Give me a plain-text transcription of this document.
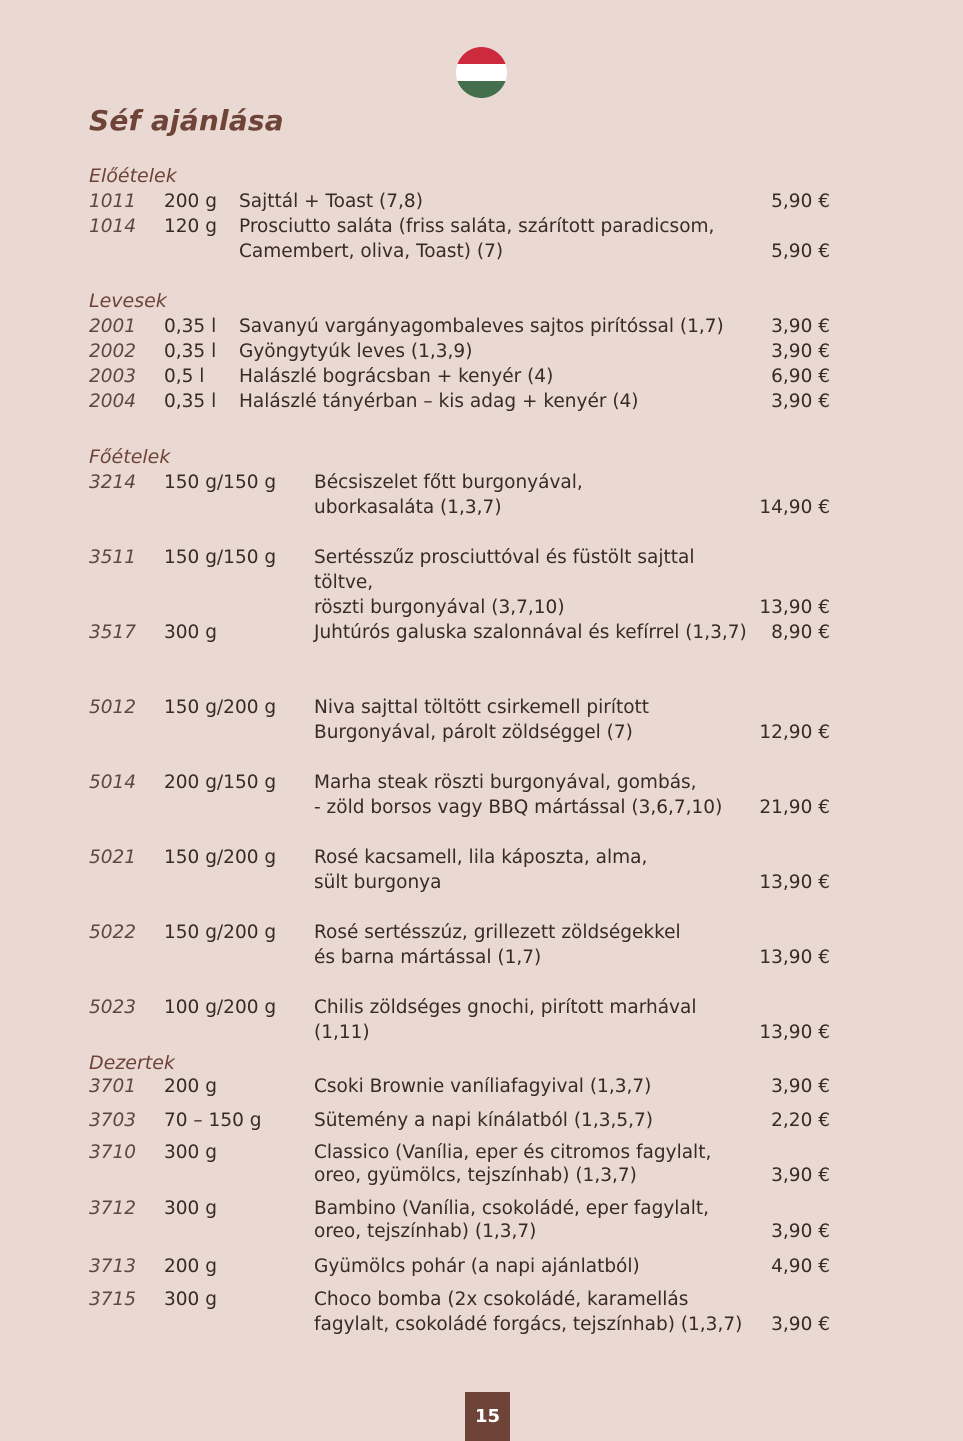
Séf ajánlása
Előételek
1011 200 g Sajttál + Toast (7,8)	5,90 €
1014 120 g Prosciutto saláta (friss saláta, szárított paradicsom,
Camembert, oliva, Toast) (7)	5,90 €
Levesek
2001 0,35 l Savanyú vargányagombaleves sajtos pirítóssal (1,7)	3,90 €
2002 0,35 l Gyöngytyúk leves (1,3,9)	3,90 €
2003 0,5 l Halászlé bográcsban + kenyér (4)	6,90 €
2004 0,35 l Halászlé tányérban – kis adag + kenyér (4)	3,90 €
Főételek
3214 150 g/150 g Bécsiszelet főtt burgonyával,
uborkasaláta (1,3,7)	14,90 €
3511 150 g/150 g Sertésszűz prosciuttóval és füstölt sajttal töltve,
röszti burgonyával (3,7,10)	13,90 €
3517 300 g	Juhtúrós galuska szalonnával és kefírrel (1,3,7)	8,90 €
5012 150 g/200 g Niva sajttal töltött csirkemell pirított
Burgonyával, párolt zöldséggel (7)	12,90 €
5014 200 g/150 g Marha steak röszti burgonyával, gombás,
- zöld borsos vagy BBQ mártással (3,6,7,10)	21,90 €
5021 150 g/200 g Rosé kacsamell, lila káposzta, alma,
sült burgonya	13,90 €
5022 150 g/200 g Rosé sertésszúz, grillezett zöldségekkel
és barna mártással (1,7)	13,90 €
5023 100 g/200 g Chilis zöldséges gnochi, pirított marhával (1,11)	13,90 €
Dezertek
3701 200 g	Csoki Brownie vaníliafagyival (1,3,7)	3,90 €
3703 70 – 150 g	Sütemény a napi kínálatból (1,3,5,7)	2,20 €
3710 300 g	Classico (Vanília, eper és citromos fagylalt,
oreo, gyümölcs, tejszínhab) (1,3,7)	3,90 €
3712 300 g	Bambino (Vanília, csokoládé, eper fagylalt,
oreo, tejszínhab) (1,3,7)	3,90 €
3713 200 g	Gyümölcs pohár (a napi ajánlatból)	4,90 €
3715 300 g	Choco bomba (2x csokoládé, karamellás
fagylalt, csokoládé forgács, tejszínhab) (1,3,7)	3,90 €
15
